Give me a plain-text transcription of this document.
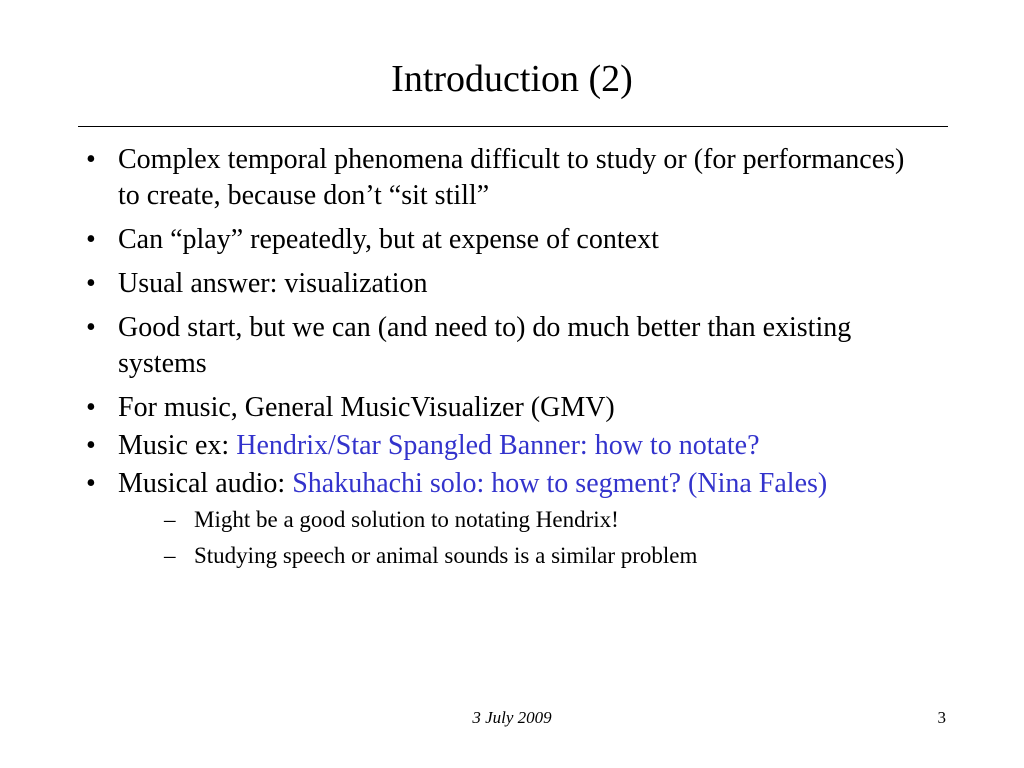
Introduction (2)
• Complex temporal phenomena difficult to study or (for performances) to create, because don’t “sit still”
• Can “play” repeatedly, but at expense of context
• Usual answer: visualization
• Good start, but we can (and need to) do much better than existing systems
• For music, General MusicVisualizer (GMV)
• Music ex: Hendrix/Star Spangled Banner: how to notate?
• Musical audio: Shakuhachi solo: how to segment? (Nina Fales)
– Might be a good solution to notating Hendrix!
– Studying speech or animal sounds is a similar problem
3 July 2009	3
